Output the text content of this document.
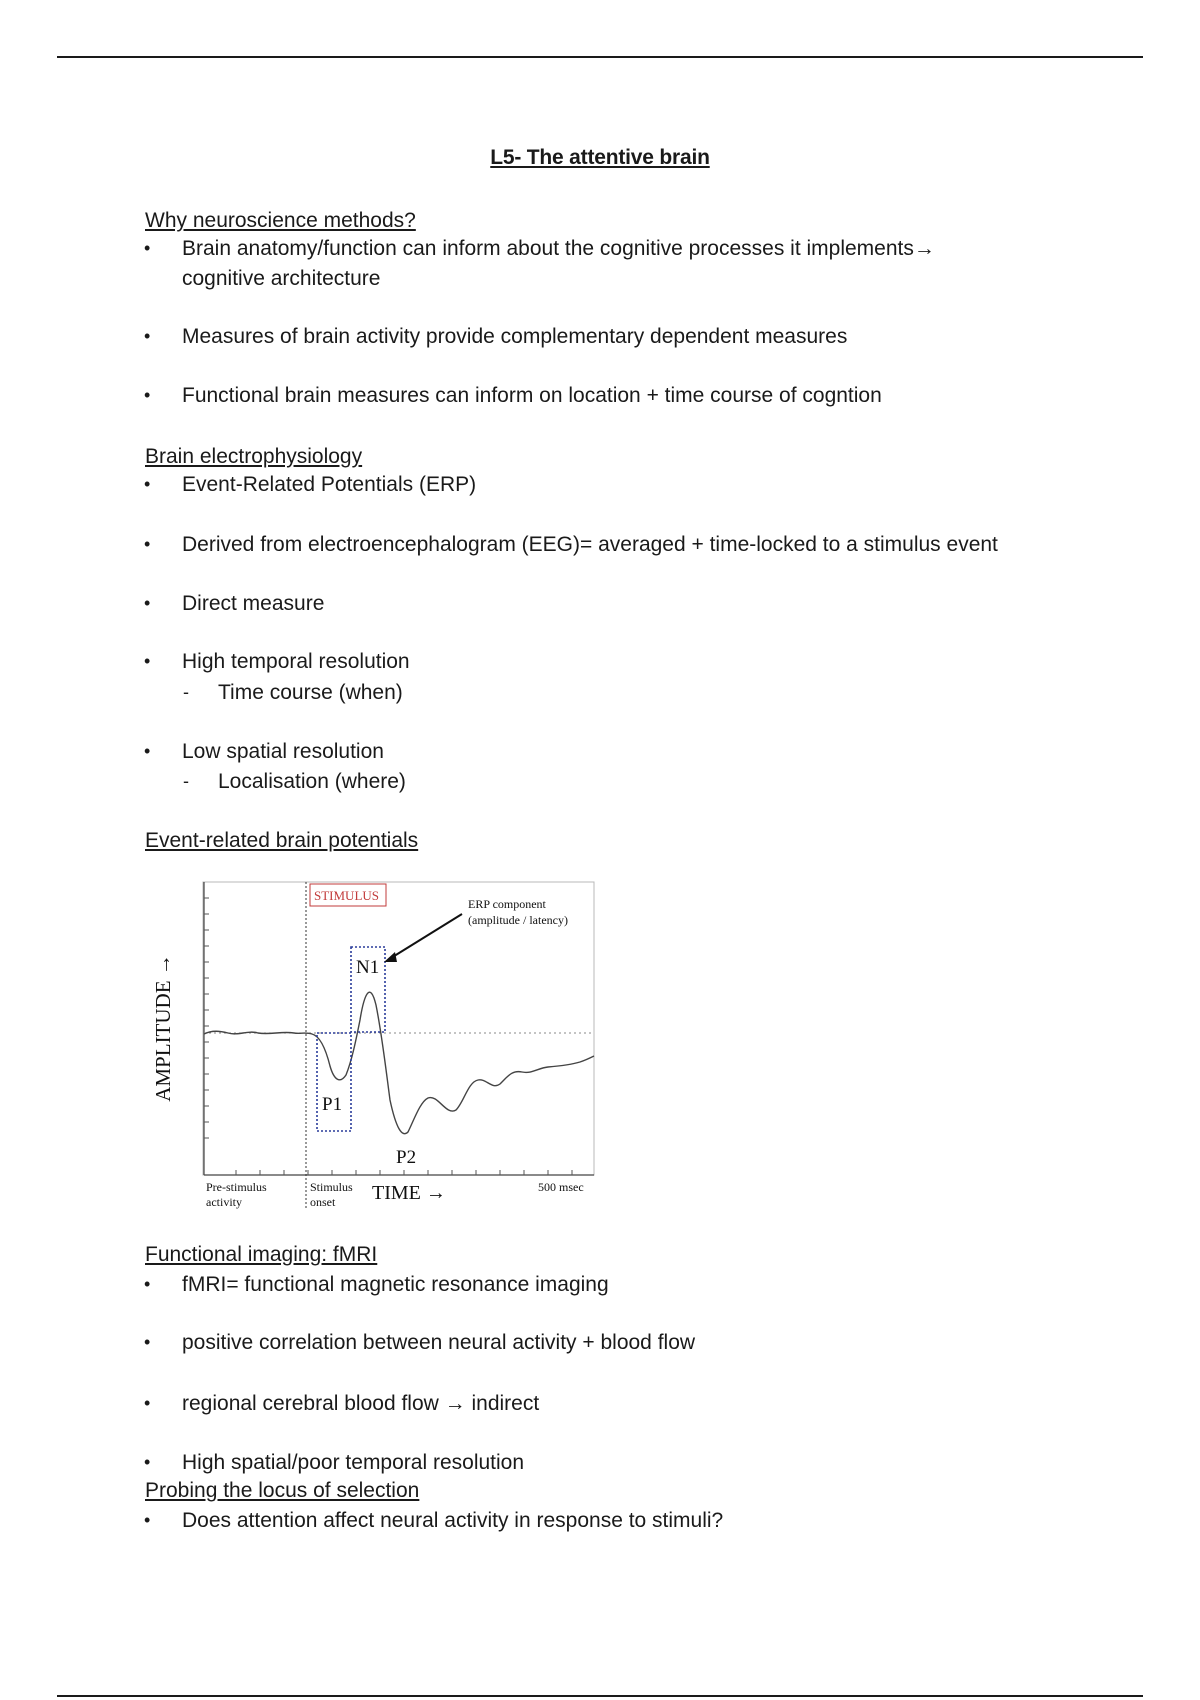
L5- The attentive brain
Why neuroscience methods?
• Brain anatomy/function can inform about the cognitive processes it implements→
cognitive architecture
• Measures of brain activity provide complementary dependent measures
• Functional brain measures can inform on location + time course of cogntion
Brain electrophysiology
• Event-Related Potentials (ERP)
• Derived from electroencephalogram (EEG)= averaged + time-locked to a stimulus event
• Direct measure
• High temporal resolution
- Time course (when)
• Low spatial resolution
- Localisation (where)
Event-related brain potentials
STIMULUS
ERP component
(amplitude / latency)
N1
P1
P2
AMPLITUDE →
Pre-stimulus
activity
Stimulus
onset TIME →	500 msec
Functional imaging: fMRI
• fMRI= functional magnetic resonance imaging
• positive correlation between neural activity + blood flow
• regional cerebral blood flow → indirect
• High spatial/poor temporal resolution
Probing the locus of selection
• Does attention affect neural activity in response to stimuli?
